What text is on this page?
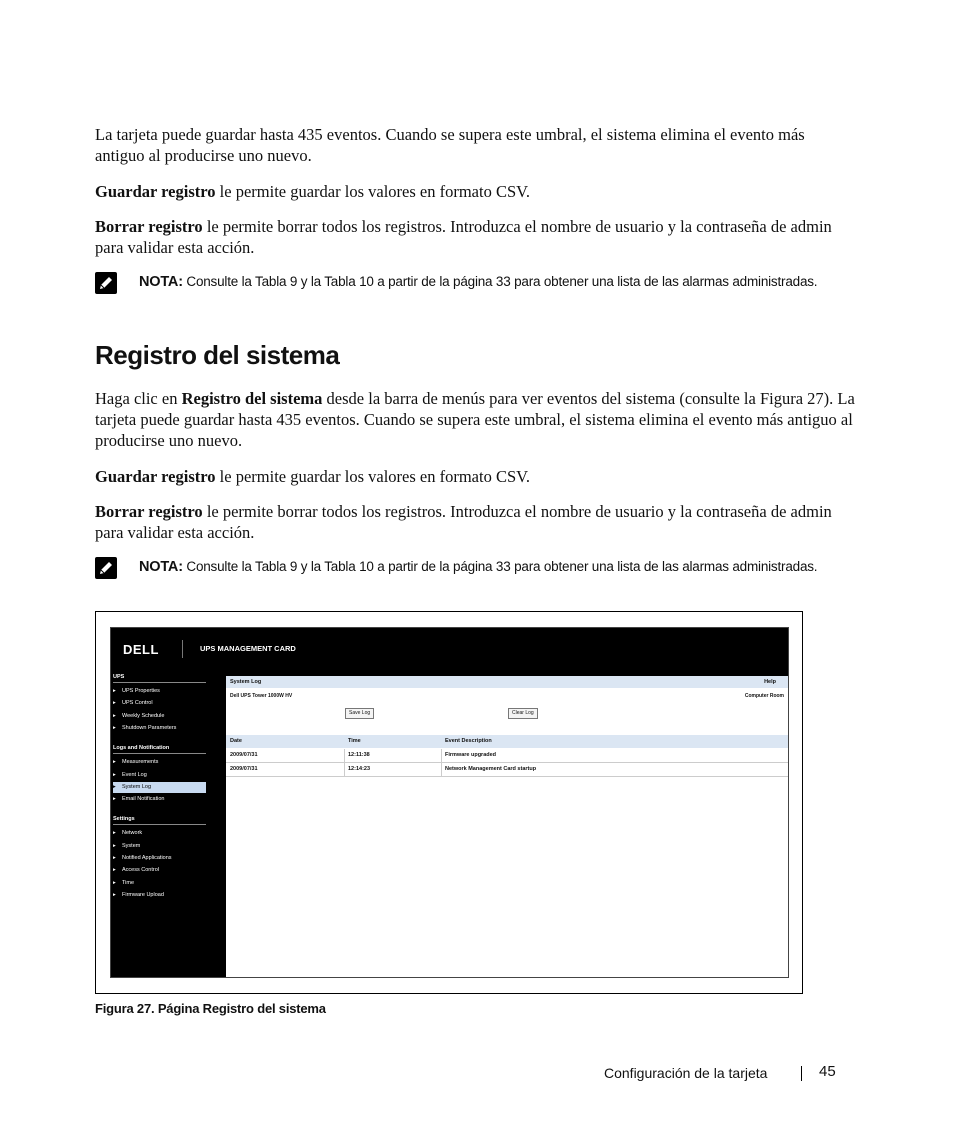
La tarjeta puede guardar hasta 435 eventos. Cuando se supera este umbral, el sistema elimina el evento más antiguo al producirse uno nuevo.

Guardar registro le permite guardar los valores en formato CSV.

Borrar registro le permite borrar todos los registros. Introduzca el nombre de usuario y la contraseña de admin para validar esta acción.

NOTA: Consulte la Tabla 9 y la Tabla 10 a partir de la página 33 para obtener una lista de las alarmas administradas.
Registro del sistema

Haga clic en Registro del sistema desde la barra de menús para ver eventos del sistema (consulte la Figura 27). La tarjeta puede guardar hasta 435 eventos. Cuando se supera este umbral, el sistema elimina el evento más antiguo al producirse uno nuevo.

Guardar registro le permite guardar los valores en formato CSV.

Borrar registro le permite borrar todos los registros. Introduzca el nombre de usuario y la contraseña de admin para validar esta acción.

NOTA: Consulte la Tabla 9 y la Tabla 10 a partir de la página 33 para obtener una lista de las alarmas administradas.
DELL	UPS MANAGEMENT CARD
UPS
▸ UPS Properties
▸ UPS Control
▸ Weekly Schedule
▸ Shutdown Parameters
Logs and Notification
▸ Measurements
▸ Event Log
▸ System Log
▸ Email Notification
Settings
▸ Network
▸ System
▸ Notified Applications
▸ Access Control
▸ Time
▸ Firmware Upload
System Log	Help
Dell UPS Tower 1000W HV	Computer Room
Save Log	Clear Log
Date	Time	Event Description
2009/07/31	12:11:38	Firmware upgraded
2009/07/31	12:14:23	Network Management Card startup
Figura 27. Página Registro del sistema
Configuración de la tarjeta	45
